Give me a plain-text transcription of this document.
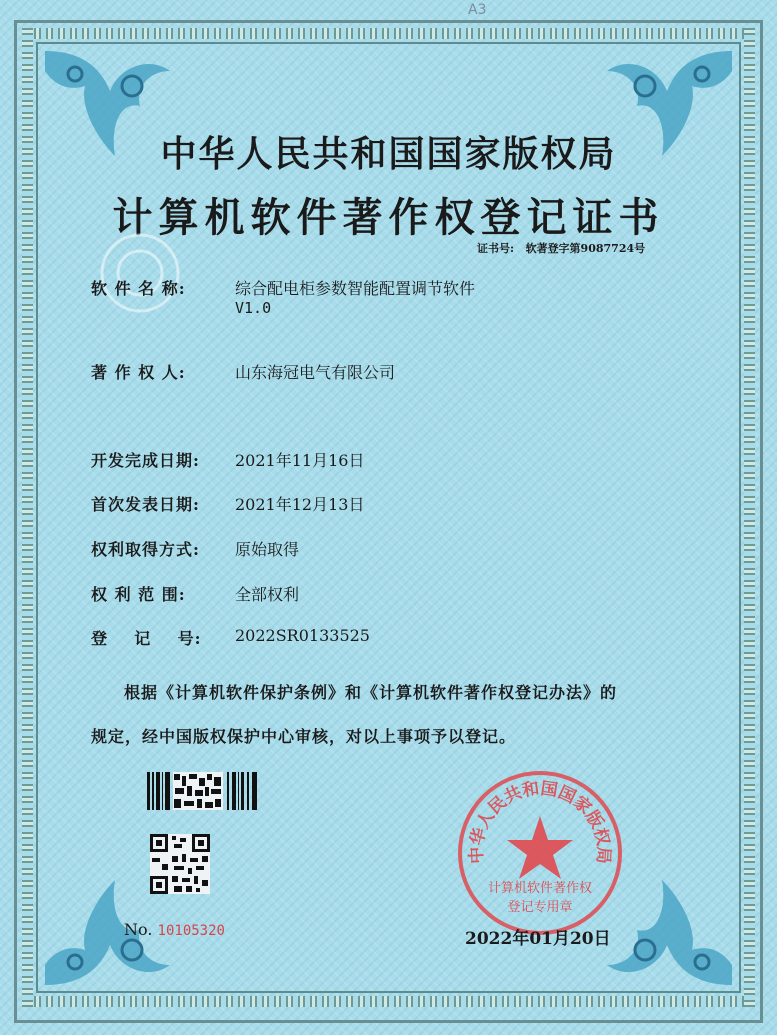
A3
中华人民共和国国家版权局
计算机软件著作权登记证书
证书号: 软著登字第9087724号
软 件 名 称:	综合配电柜参数智能配置调节软件
V1.0
著 作 权 人:	山东海冠电气有限公司
开发完成日期: 2021年11月16日
首次发表日期: 2021年12月13日
权利取得方式: 原始取得
权 利 范 围:	全部权利
登    记    号: 2022SR0133525
根据《计算机软件保护条例》和《计算机软件著作权登记办法》的
规定，经中国版权保护中心审核，对以上事项予以登记。
No. 10105320
中华人民共和国国家版权局
计算机软件著作权
登记专用章
2022年01月20日
